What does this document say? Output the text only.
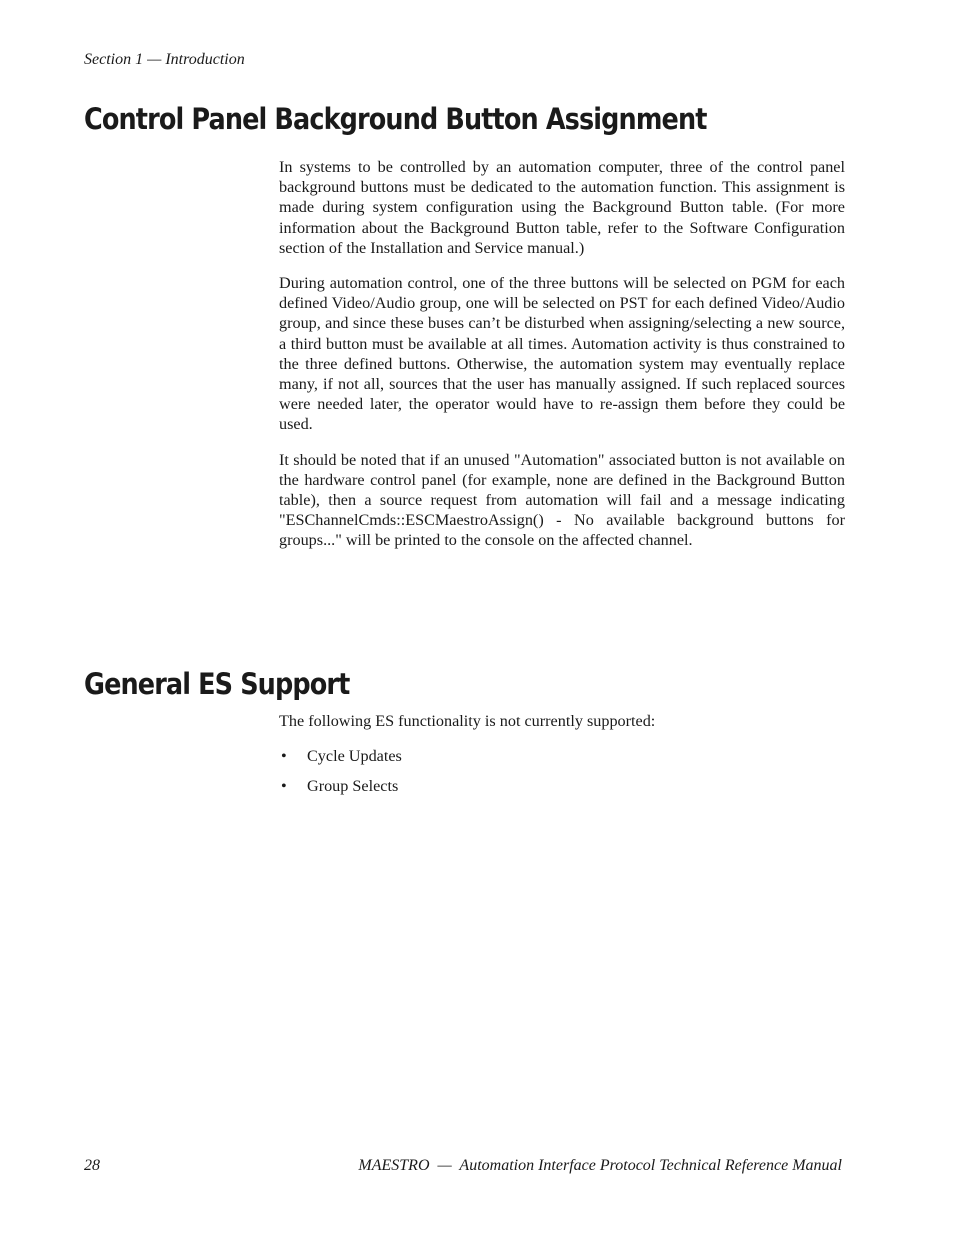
Section 1 — Introduction
Control Panel Background Button Assignment

In systems to be controlled by an automation computer, three of the control panel background buttons must be dedicated to the automation function. This assignment is made during system configuration using the Background Button table. (For more information about the Background Button table, refer to the Software Configuration section of the Installation and Service manual.)

During automation control, one of the three buttons will be selected on PGM for each defined Video/Audio group, one will be selected on PST for each defined Video/Audio group, and since these buses can’t be disturbed when assigning/selecting a new source, a third button must be available at all times. Automation activity is thus constrained to the three defined buttons. Otherwise, the automation system may eventually replace many, if not all, sources that the user has manually assigned. If such replaced sources were needed later, the operator would have to re-assign them before they could be used.

It should be noted that if an unused "Automation" associated button is not available on the hardware control panel (for example, none are defined in the Background Button table), then a source request from automation will fail and a message indicating "ESChannelCmds::ESCMaestroAssign() - No available background buttons for groups..." will be printed to the console on the affected channel.

General ES Support

The following ES functionality is not currently supported:

• Cycle Updates
• Group Selects
28	MAESTRO  —  Automation Interface Protocol Technical Reference Manual
